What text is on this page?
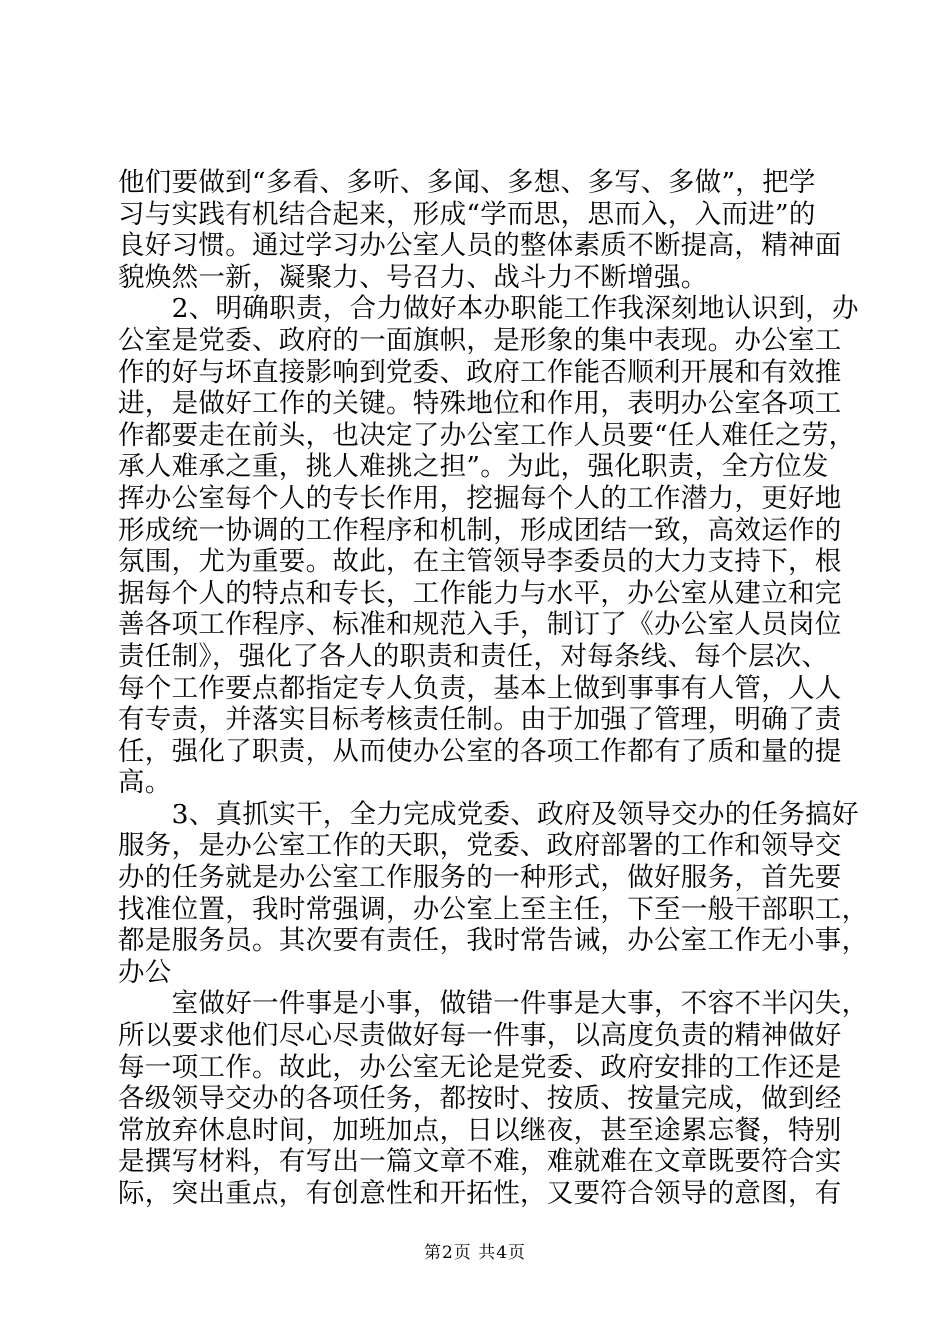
他们要做到“多看、多听、多闻、多想、多写、多做”，把学
习与实践有机结合起来，形成“学而思，思而入，入而进”的
良好习惯。通过学习办公室人员的整体素质不断提高，精神面
貌焕然一新，凝聚力、号召力、战斗力不断增强。
　　2、明确职责，合力做好本办职能工作我深刻地认识到，办
公室是党委、政府的一面旗帜，是形象的集中表现。办公室工
作的好与坏直接影响到党委、政府工作能否顺利开展和有效推
进，是做好工作的关键。特殊地位和作用，表明办公室各项工
作都要走在前头，也决定了办公室工作人员要“任人难任之劳，
承人难承之重，挑人难挑之担”。为此，强化职责，全方位发
挥办公室每个人的专长作用，挖掘每个人的工作潜力，更好地
形成统一协调的工作程序和机制，形成团结一致，高效运作的
氛围，尤为重要。故此，在主管领导李委员的大力支持下，根
据每个人的特点和专长，工作能力与水平，办公室从建立和完
善各项工作程序、标准和规范入手，制订了《办公室人员岗位
责任制》，强化了各人的职责和责任，对每条线、每个层次、
每个工作要点都指定专人负责，基本上做到事事有人管，人人
有专责，并落实目标考核责任制。由于加强了管理，明确了责
任，强化了职责，从而使办公室的各项工作都有了质和量的提
高。
　　3、真抓实干，全力完成党委、政府及领导交办的任务搞好
服务，是办公室工作的天职，党委、政府部署的工作和领导交
办的任务就是办公室工作服务的一种形式，做好服务，首先要
找准位置，我时常强调，办公室上至主任，下至一般干部职工，
都是服务员。其次要有责任，我时常告诫，办公室工作无小事，
办公
　　室做好一件事是小事，做错一件事是大事，不容不半闪失，
所以要求他们尽心尽责做好每一件事，以高度负责的精神做好
每一项工作。故此，办公室无论是党委、政府安排的工作还是
各级领导交办的各项任务，都按时、按质、按量完成，做到经
常放弃休息时间，加班加点，日以继夜，甚至途累忘餐，特别
是撰写材料，有写出一篇文章不难，难就难在文章既要符合实
际，突出重点，有创意性和开拓性，又要符合领导的意图，有
第2页 共4页
